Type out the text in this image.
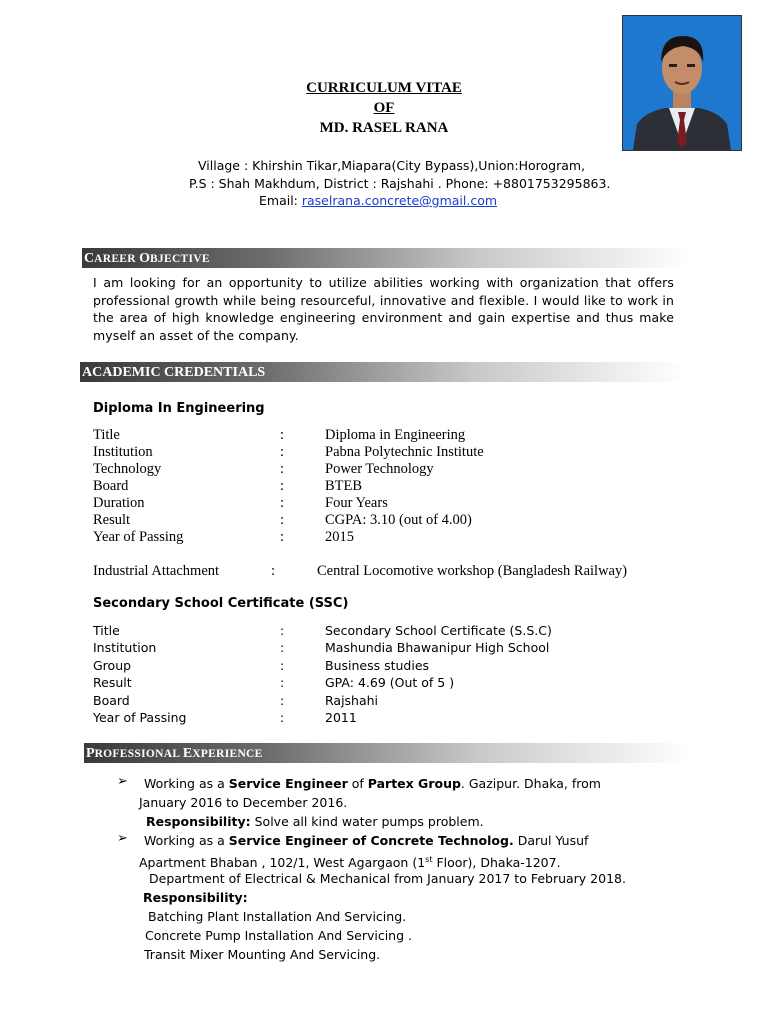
CURRICULUM VITAE
OF
MD. RASEL RANA
Village : Khirshin Tikar,Miapara(City Bypass),Union:Horogram,
P.S : Shah Makhdum, District : Rajshahi . Phone: +8801753295863.
Email: raselrana.concrete@gmail.com
CAREER OBJECTIVE
I am looking for an opportunity to utilize abilities working with organization that offers professional growth while being resourceful, innovative and flexible. I would like to work in the area of high knowledge engineering environment and gain expertise and thus make myself an asset of the company.
ACADEMIC CREDENTIALS
Diploma In Engineering
Title	:	Diploma in Engineering
Institution	:	Pabna Polytechnic Institute
Technology	:	Power Technology
Board	:	BTEB
Duration	:	Four Years
Result	:	CGPA: 3.10 (out of 4.00)
Year of Passing	:	2015
Industrial Attachment	:	Central Locomotive workshop (Bangladesh Railway)
Secondary School Certificate (SSC)
Title	:	Secondary School Certificate (S.S.C)
Institution	:	Mashundia Bhawanipur High School
Group	:	Business studies
Result	:	GPA: 4.69 (Out of 5 )
Board	:	Rajshahi
Year of Passing	:	2011
PROFESSIONAL EXPERIENCE
➢ Working as a Service Engineer of Partex Group. Gazipur. Dhaka, from
January 2016 to December 2016.
Responsibility: Solve all kind water pumps problem.
➢ Working as a Service Engineer of Concrete Technolog. Darul Yusuf
Apartment Bhaban , 102/1, West Agargaon (1st Floor), Dhaka-1207.
Department of Electrical & Mechanical from January 2017 to February 2018.
Responsibility:
Batching Plant Installation And Servicing.
Concrete Pump Installation And Servicing .
Transit Mixer Mounting And Servicing.
